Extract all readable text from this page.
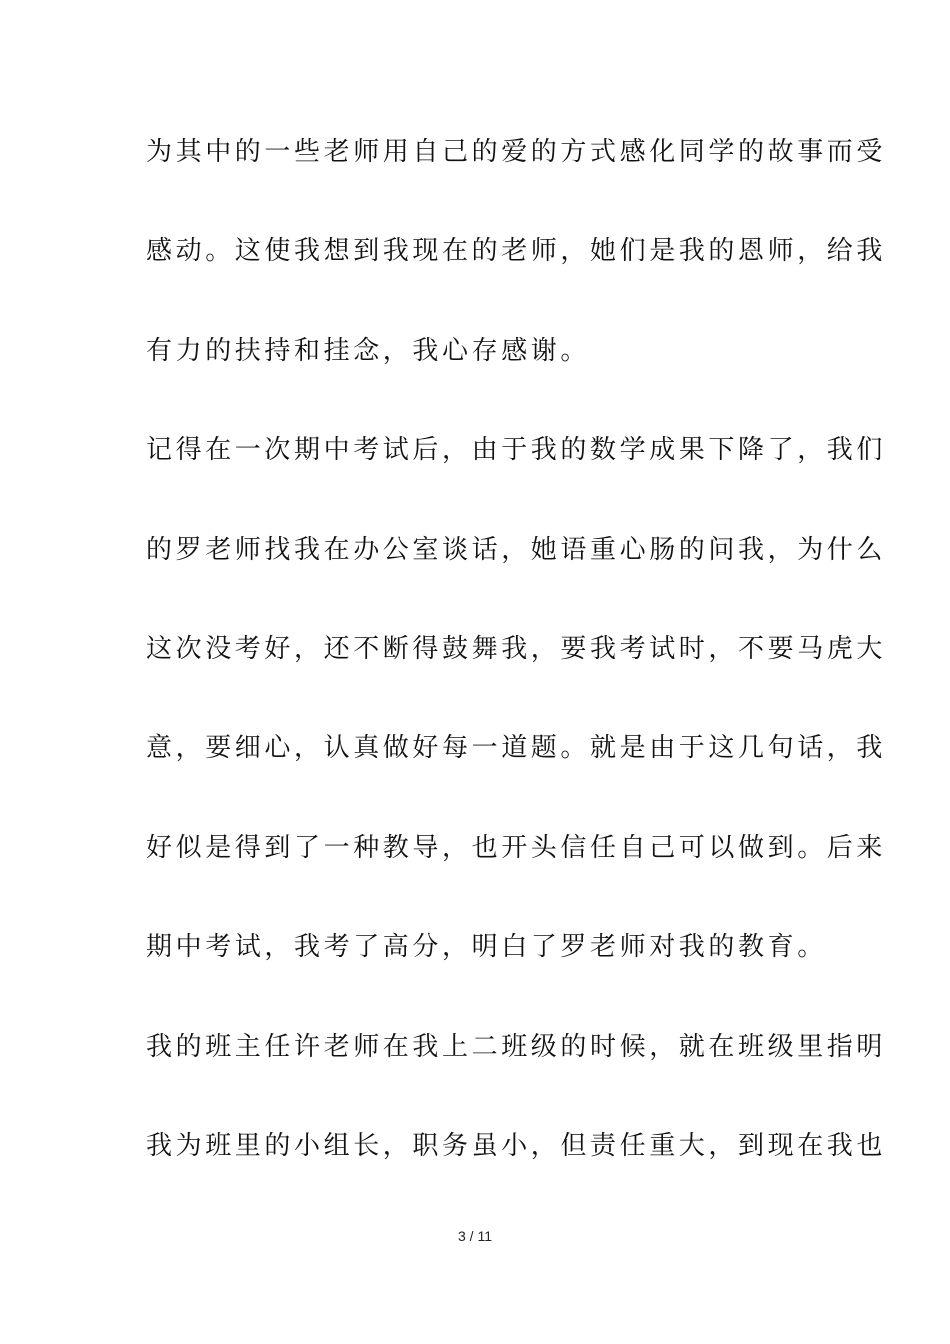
为其中的一些老师用自己的爱的方式感化同学的故事而受
感动。这使我想到我现在的老师，她们是我的恩师，给我
有力的扶持和挂念，我心存感谢。
记得在一次期中考试后，由于我的数学成果下降了，我们
的罗老师找我在办公室谈话，她语重心肠的问我，为什么
这次没考好，还不断得鼓舞我，要我考试时，不要马虎大
意，要细心，认真做好每一道题。就是由于这几句话，我
好似是得到了一种教导，也开头信任自己可以做到。后来
期中考试，我考了高分，明白了罗老师对我的教育。
我的班主任许老师在我上二班级的时候，就在班级里指明
我为班里的小组长，职务虽小，但责任重大，到现在我也
3 / 11
